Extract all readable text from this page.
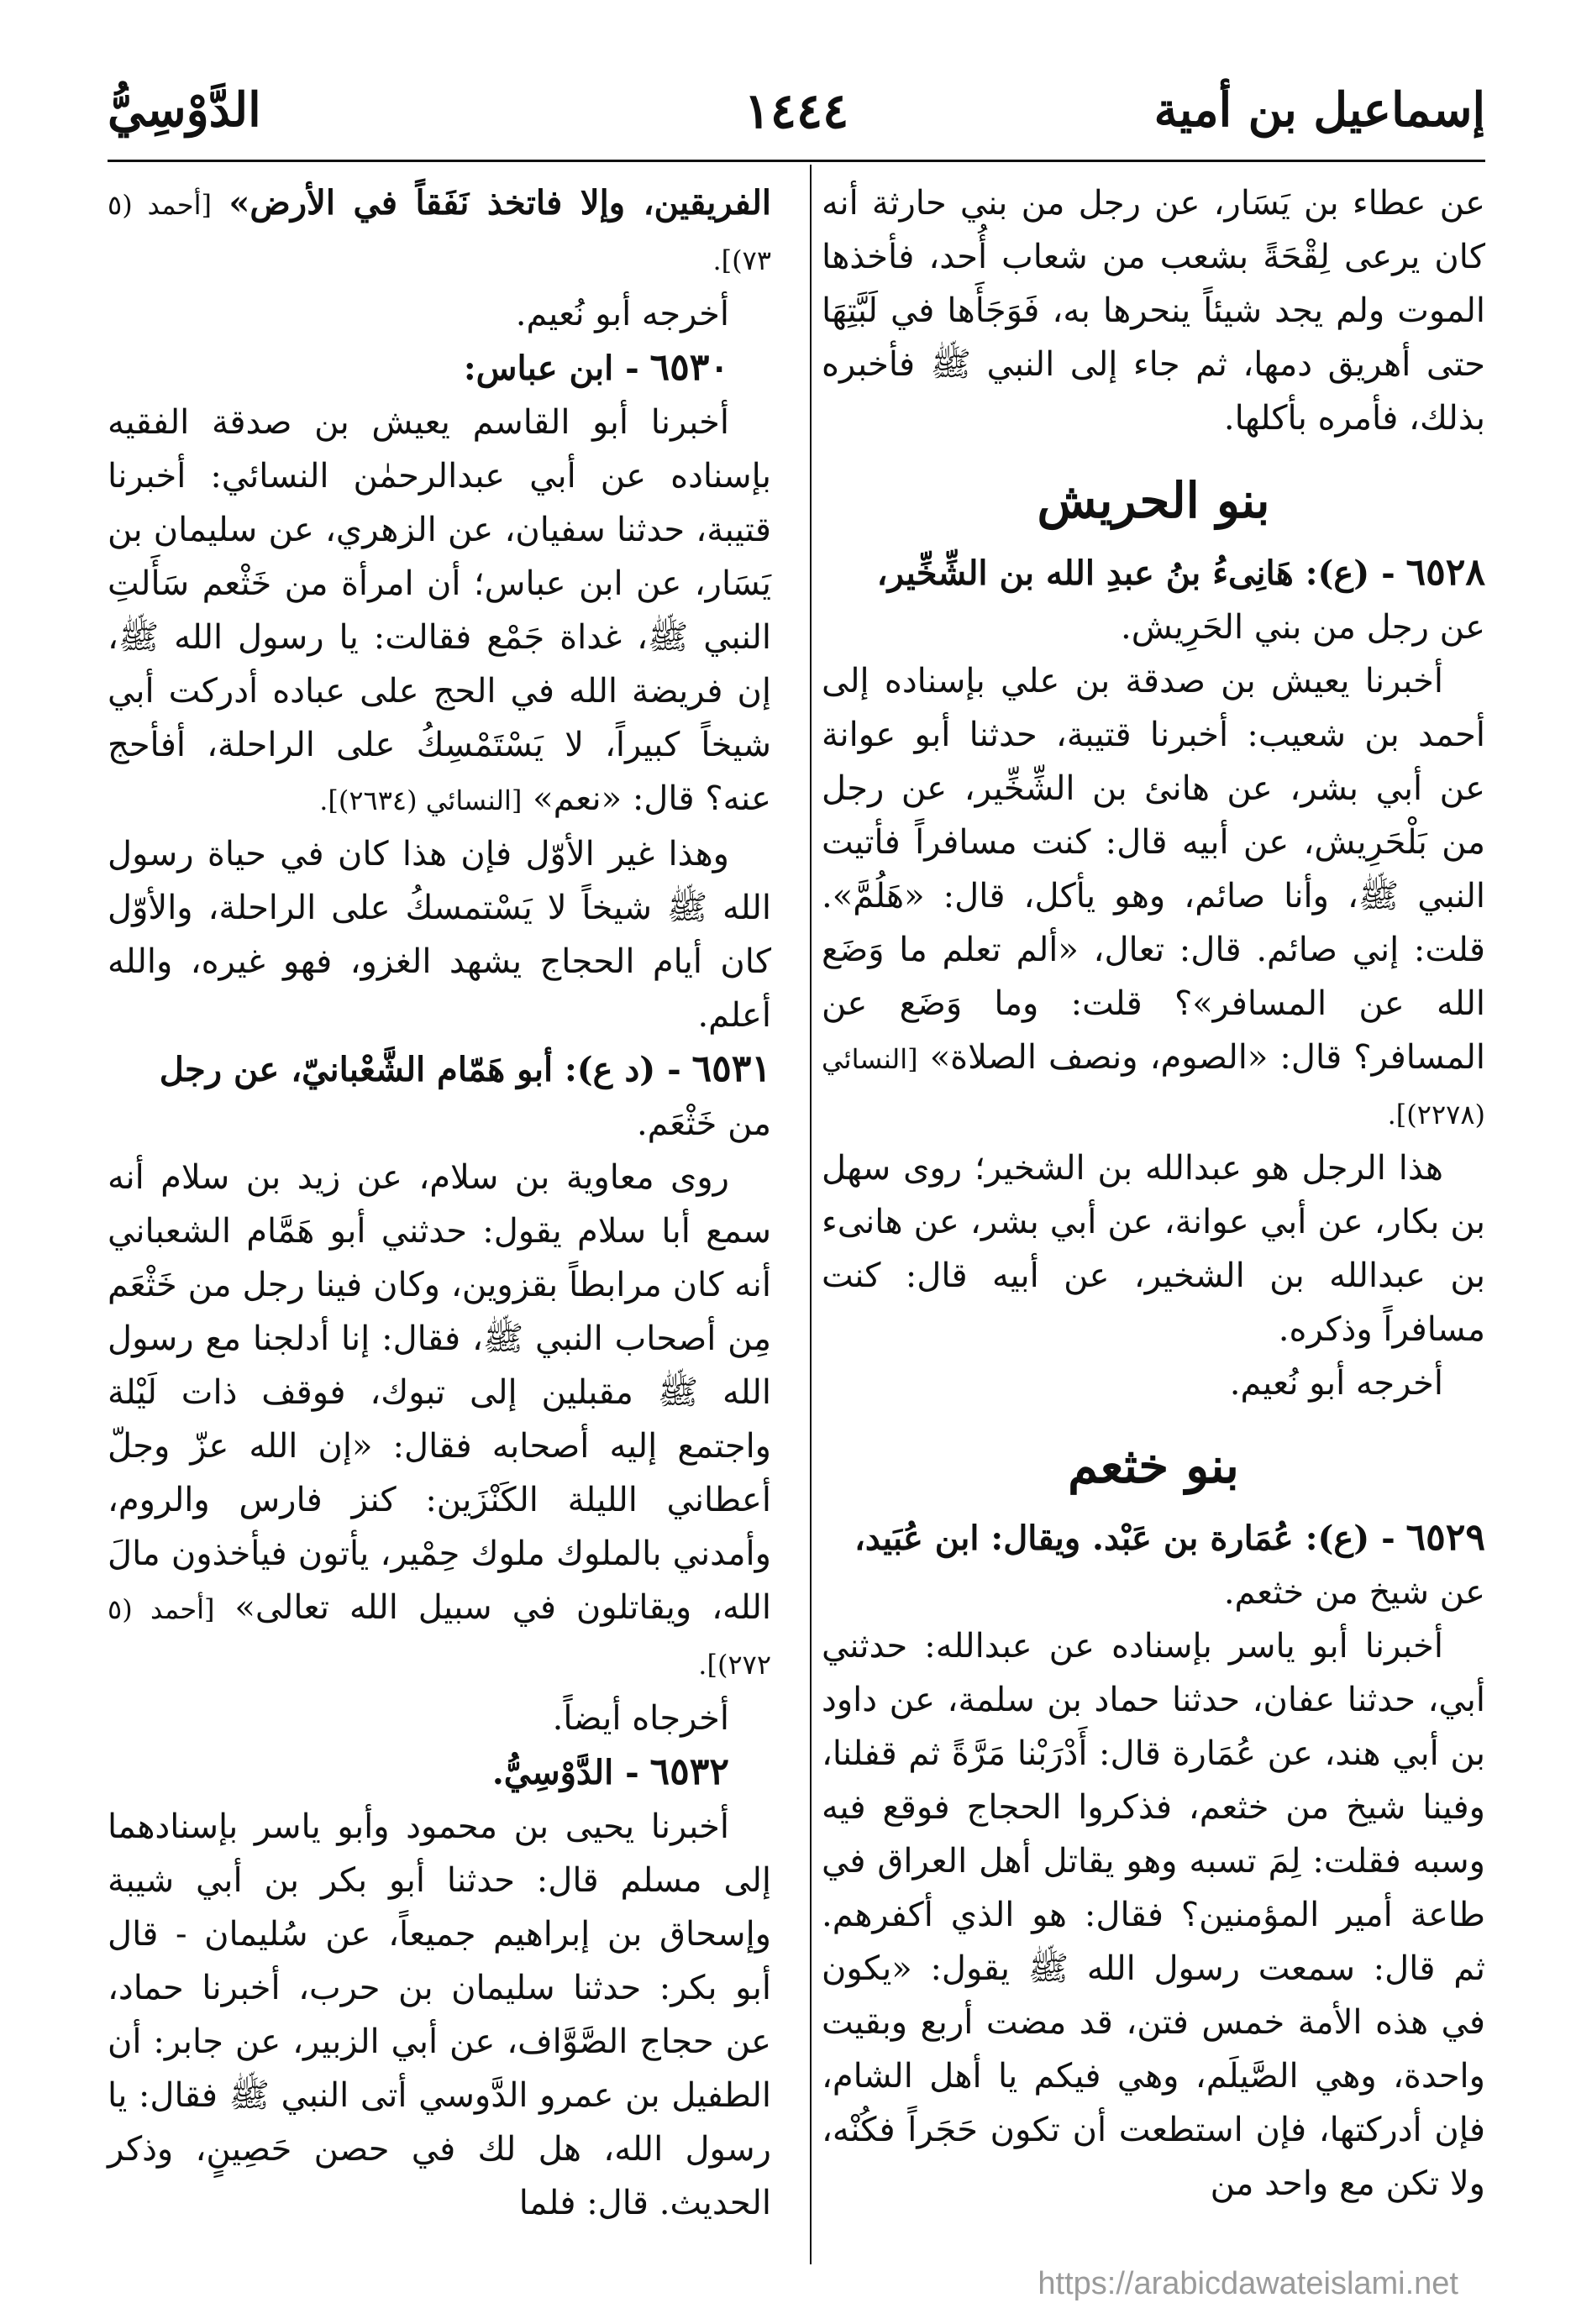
إسماعيل بن أمية
١٤٤٤
الدَّوْسِيُّ

عن عطاء بن يَسَار، عن رجل من بني حارثة أنه كان يرعى لِقْحَةً بشعب من شعاب أُحد، فأخذها الموت ولم يجد شيئاً ينحرها به، فَوَجَأَها في لَبَّتِهَا حتى أهريق دمها، ثم جاء إلى النبي ﷺ فأخبره بذلك، فأمره بأكلها.

بنو الحريش

٦٥٢٨ - (ع): هَانِىءُ بنُ عبدِ الله بن الشِّخِّير،

عن رجل من بني الحَرِيش.

أخبرنا يعيش بن صدقة بن علي بإسناده إلى أحمد بن شعيب: أخبرنا قتيبة، حدثنا أبو عوانة عن أبي بشر، عن هانئ بن الشِّخِّير، عن رجل من بَلْحَرِيش، عن أبيه قال: كنت مسافراً فأتيت النبي ﷺ، وأنا صائم، وهو يأكل، قال: «هَلُمَّ». قلت: إني صائم. قال: تعال، «ألم تعلم ما وَضَع الله عن المسافر»؟ قلت: وما وَضَع عن المسافر؟ قال: «الصوم، ونصف الصلاة» [النسائي (٢٢٧٨)].

هذا الرجل هو عبدالله بن الشخير؛ روى سهل بن بكار، عن أبي عوانة، عن أبي بشر، عن هانىء بن عبدالله بن الشخير، عن أبيه قال: كنت مسافراً وذكره.

أخرجه أبو نُعيم.

بنو خثعم

٦٥٢٩ - (ع): عُمَارة بن عَبْد. ويقال: ابن عُبَيد،

عن شيخ من خثعم.

أخبرنا أبو ياسر بإسناده عن عبدالله: حدثني أبي، حدثنا عفان، حدثنا حماد بن سلمة، عن داود بن أبي هند، عن عُمَارة قال: أَدْرَبْنا مَرَّةً ثم قفلنا، وفينا شيخ من خثعم، فذكروا الحجاج فوقع فيه وسبه فقلت: لِمَ تسبه وهو يقاتل أهل العراق في طاعة أمير المؤمنين؟ فقال: هو الذي أكفرهم. ثم قال: سمعت رسول الله ﷺ يقول: «يكون في هذه الأمة خمس فتن، قد مضت أربع وبقيت واحدة، وهي الصَّيلَم، وهي فيكم يا أهل الشام، فإن أدركتها، فإن استطعت أن تكون حَجَراً فكُنْه، ولا تكن مع واحد من

الفريقين، وإلا فاتخذ نَفَقاً في الأرض» [أحمد (٥ ٧٣)].

أخرجه أبو نُعيم.

٦٥٣٠ - ابن عباس:

أخبرنا أبو القاسم يعيش بن صدقة الفقيه بإسناده عن أبي عبدالرحمٰن النسائي: أخبرنا قتيبة، حدثنا سفيان، عن الزهري، عن سليمان بن يَسَار، عن ابن عباس؛ أن امرأة من خَثْعم سَأَلتِ النبي ﷺ، غداة جَمْع فقالت: يا رسول الله ﷺ، إن فريضة الله في الحج على عباده أدركت أبي شيخاً كبيراً، لا يَسْتَمْسِكُ على الراحلة، أفأحج عنه؟ قال: «نعم» [النسائي (٢٦٣٤)].

وهذا غير الأوّل فإن هذا كان في حياة رسول الله ﷺ شيخاً لا يَسْتمسكُ على الراحلة، والأوّل كان أيام الحجاج يشهد الغزو، فهو غيره، والله أعلم.

٦٥٣١ - (د ع): أبو هَمّام الشَّعْبانيّ، عن رجل

من خَثْعَم.

روى معاوية بن سلام، عن زيد بن سلام أنه سمع أبا سلام يقول: حدثني أبو هَمَّام الشعباني أنه كان مرابطاً بقزوين، وكان فينا رجل من خَثْعَم مِن أصحاب النبي ﷺ، فقال: إنا أدلجنا مع رسول الله ﷺ مقبلين إلى تبوك، فوقف ذات لَيْلة واجتمع إليه أصحابه فقال: «إن الله عزّ وجلّ أعطاني الليلة الكَنْزَين: كنز فارس والروم، وأمدني بالملوك ملوك حِمْير، يأتون فيأخذون مالَ الله، ويقاتلون في سبيل الله تعالى» [أحمد (٥ ٢٧٢)].

أخرجاه أيضاً.

٦٥٣٢ - الدَّوْسِيُّ.

أخبرنا يحيى بن محمود وأبو ياسر بإسنادهما إلى مسلم قال: حدثنا أبو بكر بن أبي شيبة وإسحاق بن إبراهيم جميعاً، عن سُليمان - قال أبو بكر: حدثنا سليمان بن حرب، أخبرنا حماد، عن حجاج الصَّوَّاف، عن أبي الزبير، عن جابر: أن الطفيل بن عمرو الدَّوسي أتى النبي ﷺ فقال: يا رسول الله، هل لك في حصن حَصِينٍ، وذكر الحديث. قال: فلما

https://arabicdawateislami.net
